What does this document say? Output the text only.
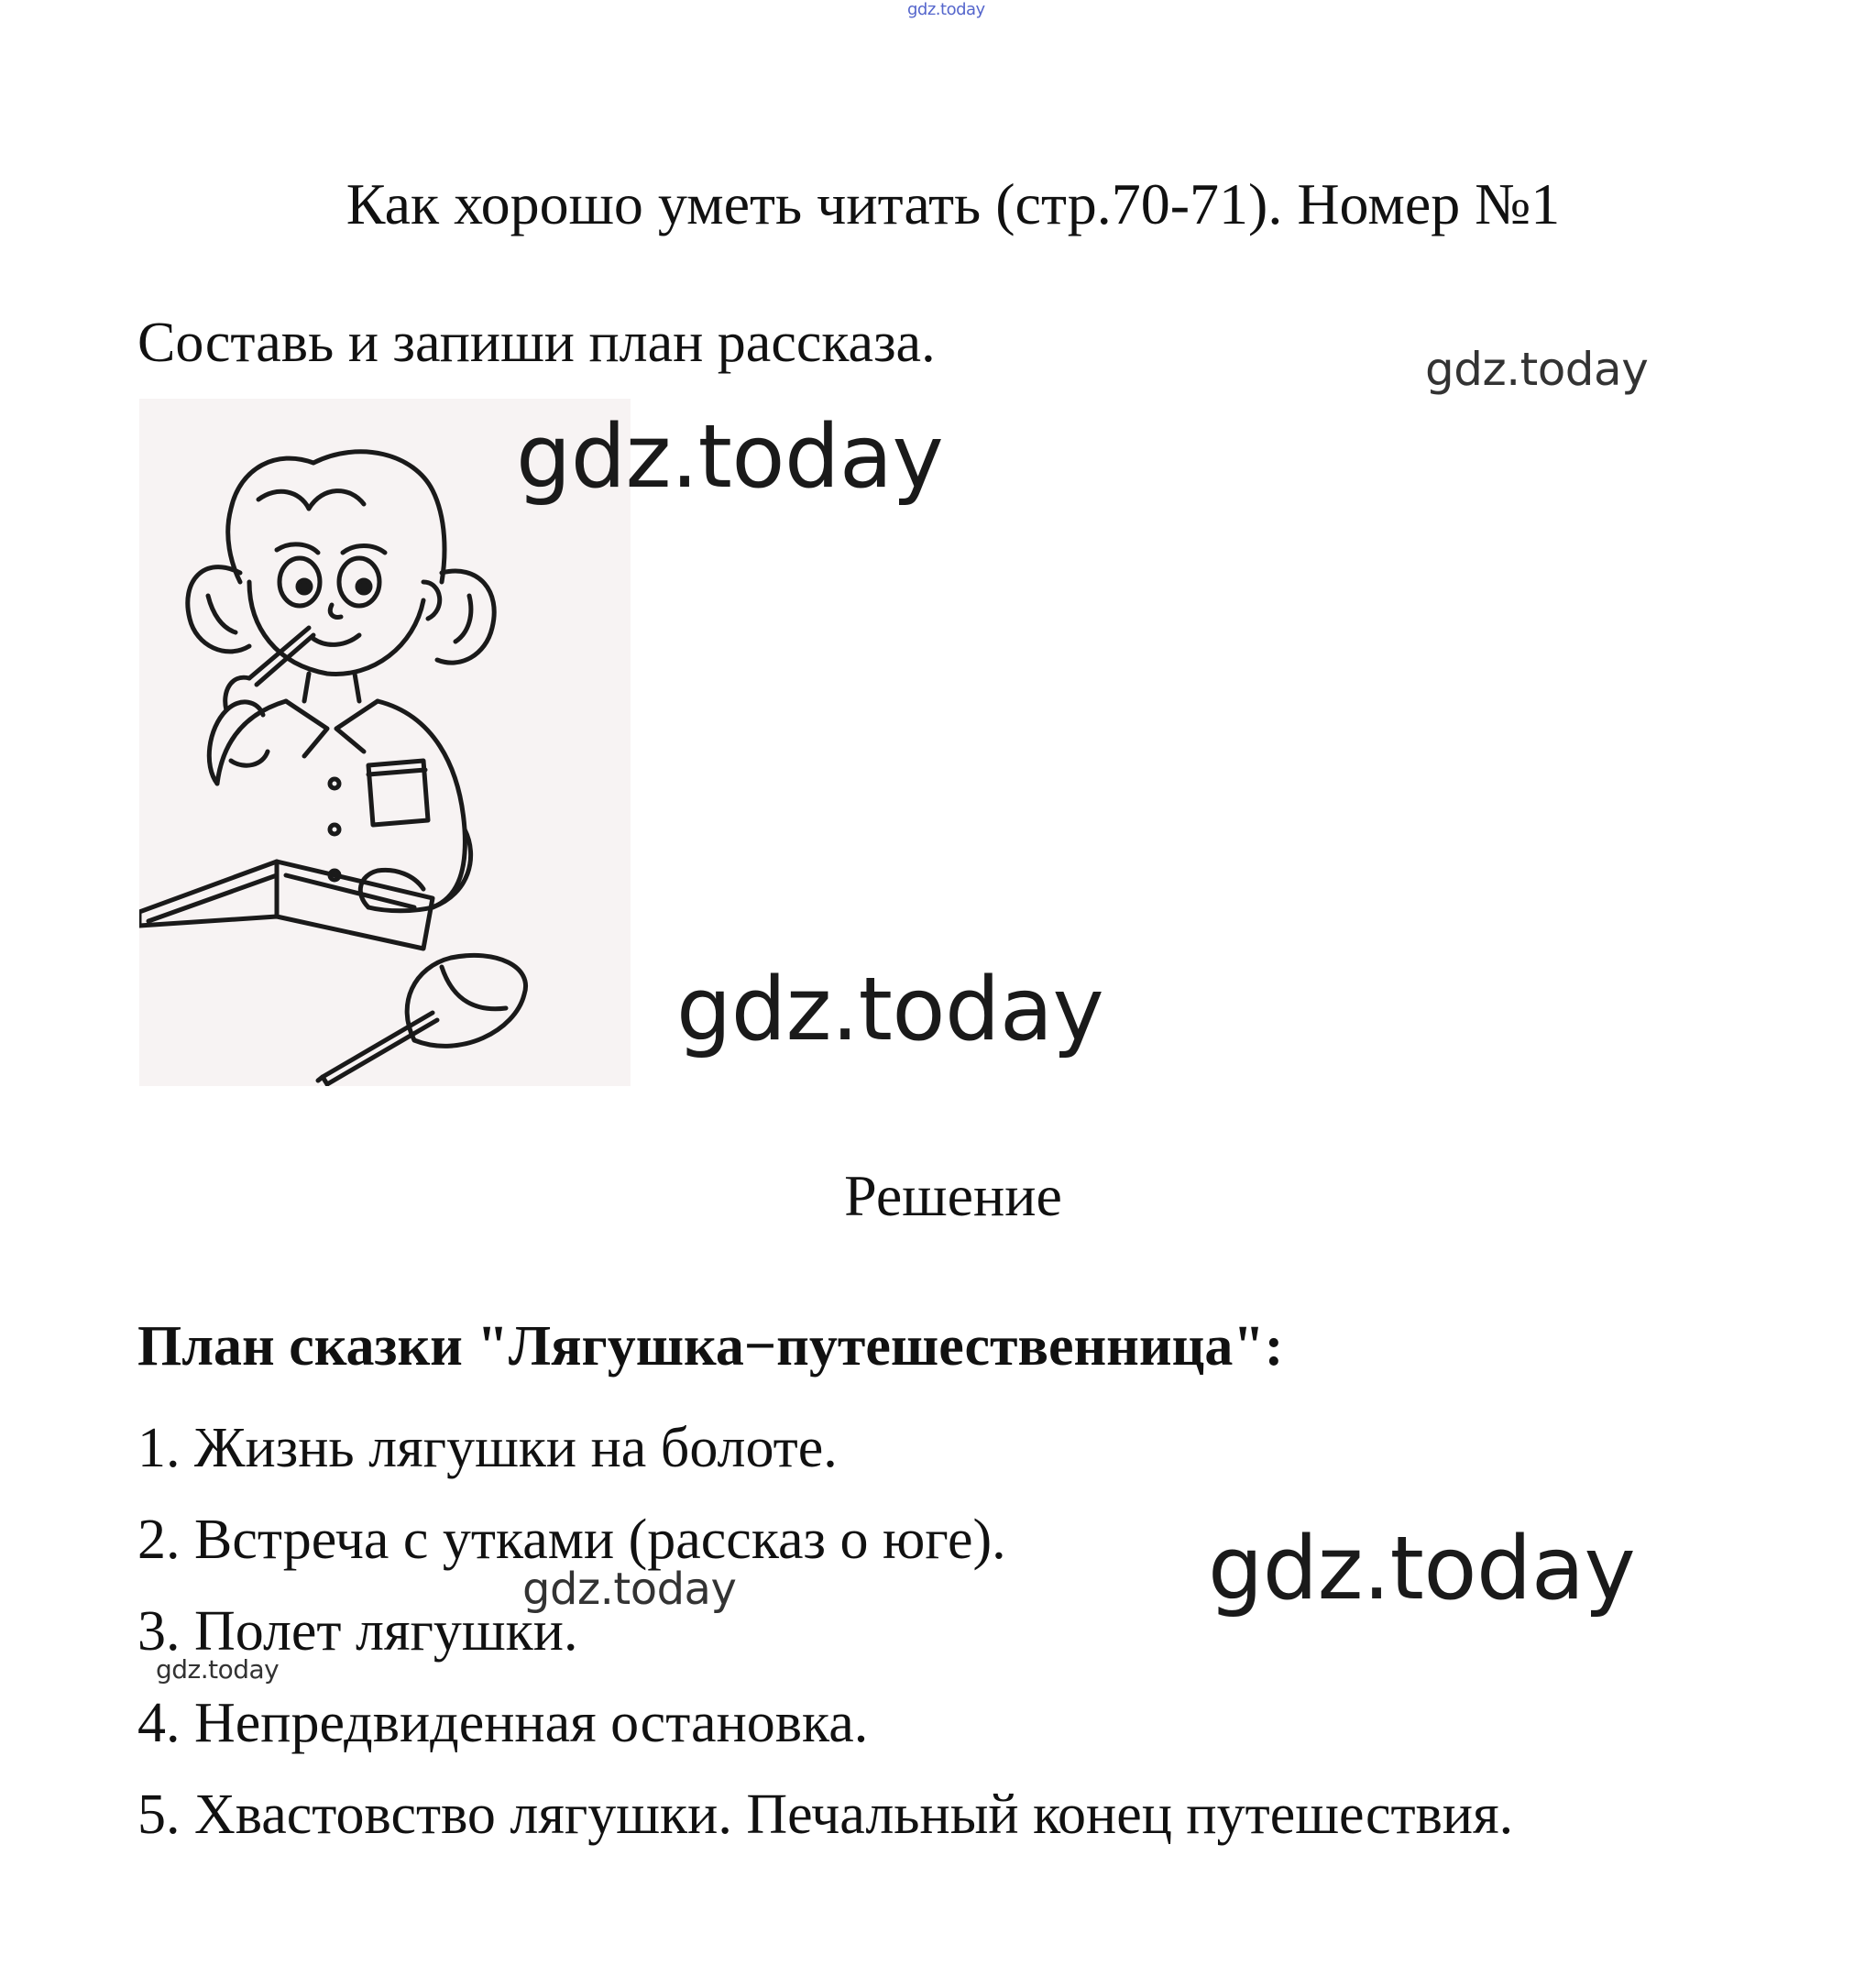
gdz.today
Как хорошо уметь читать (стр.70-71). Номер №1
Составь и запиши план рассказа.	gdz.today
gdz.today
gdz.today
Решение
План сказки "Лягушка−путешественница":
1. Жизнь лягушки на болоте.
2. Встреча с утками (рассказ о юге).
3. Полет лягушки.
4. Непредвиденная остановка.
5. Хвастовство лягушки. Печальный конец путешествия.
gdz.today
gdz.today
gdz.today
